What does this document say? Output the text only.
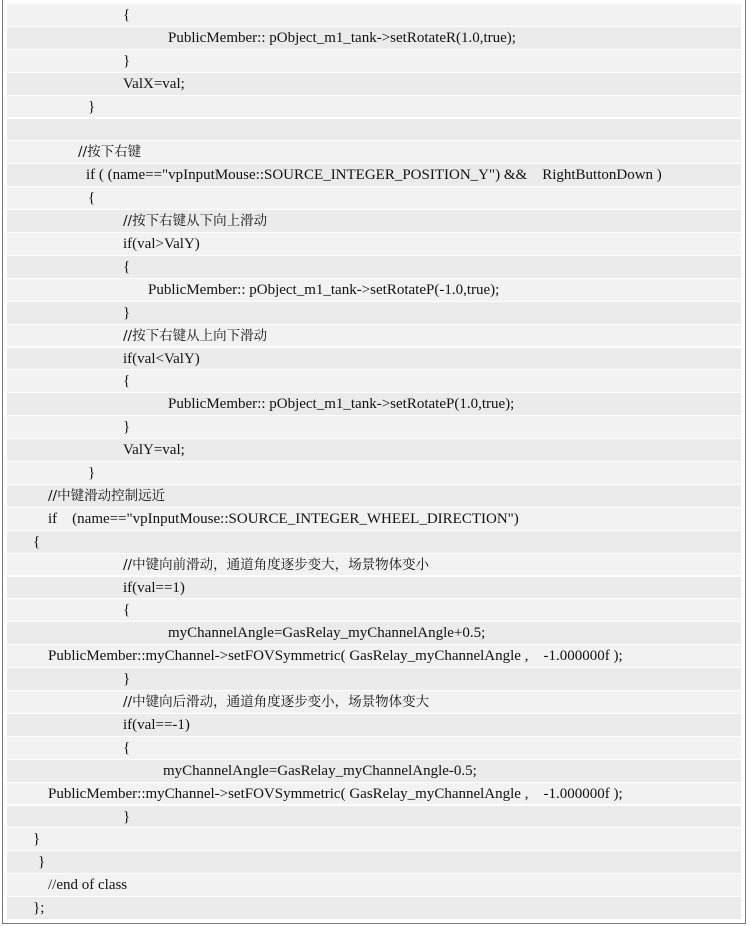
{
PublicMember:: pObject_m1_tank->setRotateR(1.0,true);
}
ValX=val;
}
//按下右键
if ( (name=="vpInputMouse::SOURCE_INTEGER_POSITION_Y") &&    RightButtonDown )
{
//按下右键从下向上滑动
if(val>ValY)
{
PublicMember:: pObject_m1_tank->setRotateP(-1.0,true);
}
//按下右键从上向下滑动
if(val<ValY)
{
PublicMember:: pObject_m1_tank->setRotateP(1.0,true);
}
ValY=val;
}
//中键滑动控制远近
if    (name=="vpInputMouse::SOURCE_INTEGER_WHEEL_DIRECTION")
{
//中键向前滑动，通道角度逐步变大，场景物体变小
if(val==1)
{
myChannelAngle=GasRelay_myChannelAngle+0.5;
PublicMember::myChannel->setFOVSymmetric( GasRelay_myChannelAngle ,    -1.000000f );
}
//中键向后滑动，通道角度逐步变小，场景物体变大
if(val==-1)
{
myChannelAngle=GasRelay_myChannelAngle-0.5;
PublicMember::myChannel->setFOVSymmetric( GasRelay_myChannelAngle ,    -1.000000f );
}
}
}
//end of class
};
